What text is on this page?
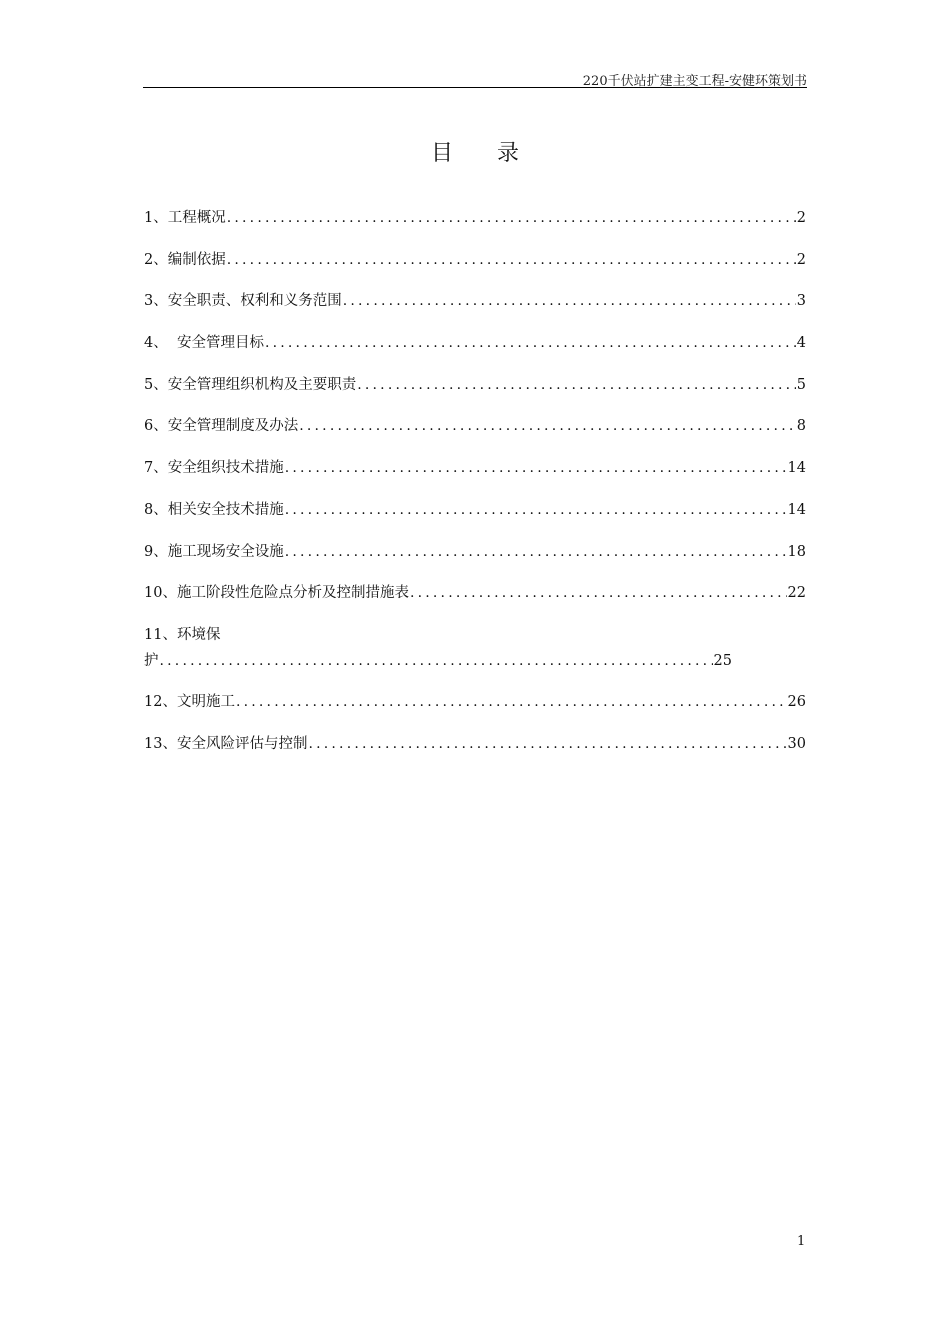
220千伏站扩建主变工程-安健环策划书
目录
1、工程概况 .....	2
2、编制依据 .....	2
3、安全职责、权利和义务范围 .....	3
4、  安全管理目标 .....	4
5、安全管理组织机构及主要职责 .....	5
6、安全管理制度及办法 .....	8
7、安全组织技术措施 .....	14
8、相关安全技术措施 .....	14
9、施工现场安全设施 .....	18
10、施工阶段性危险点分析及控制措施表 .....	22
11、环境保
护 .....	25
12、文明施工 .....	26
13、安全风险评估与控制 .....	30
1
